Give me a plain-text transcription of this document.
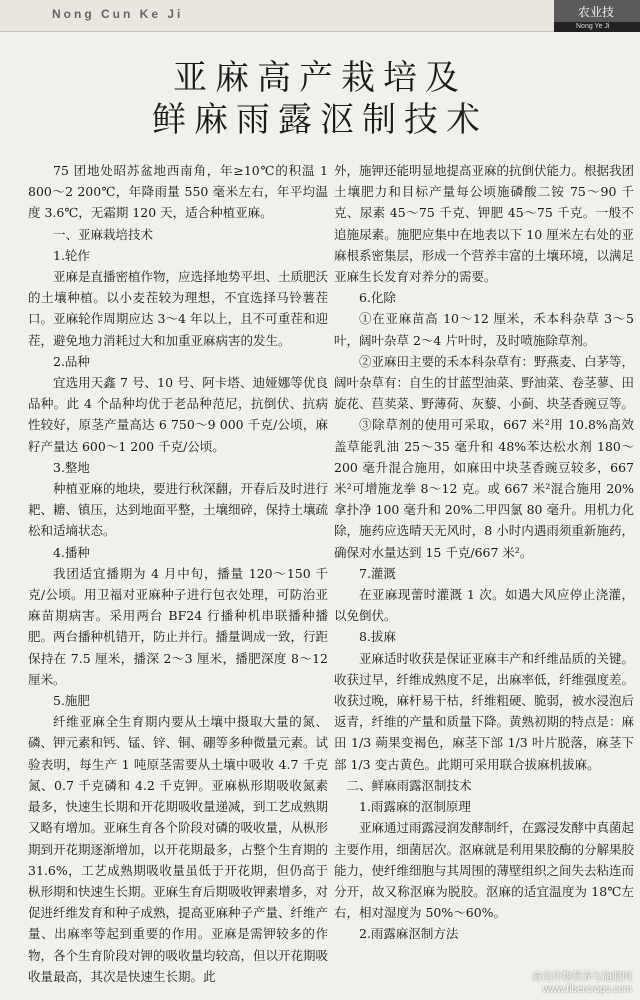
Nong Cun Ke Ji	农业技
Nong Ye Ji
亚麻高产栽培及
鲜麻雨露沤制技术

75 团地处昭苏盆地西南角，年≥10℃的积温 1 800～2 200℃，年降雨量 550 毫米左右，年平均温度 3.6℃，无霜期 120 天，适合种植亚麻。

一、亚麻栽培技术

1.轮作

亚麻是直播密植作物，应选择地势平坦、土质肥沃的土壤种植。以小麦茬较为理想，不宜选择马铃薯茬口。亚麻轮作周期应达 3～4 年以上，且不可重茬和迎茬，避免地力消耗过大和加重亚麻病害的发生。

2.品种

宜选用天鑫 7 号、10 号、阿卡塔、迪娅娜等优良品种。此 4 个品种均优于老品种范尼，抗倒伏、抗病性较好，原茎产量高达 6 750～9 000 千克/公顷，麻籽产量达 600～1 200 千克/公顷。

3.整地

种植亚麻的地块，要进行秋深翻，开春后及时进行耙、耱、镇压，达到地面平整，土壤细碎，保持土壤疏松和适墒状态。

4.播种

我团适宜播期为 4 月中旬，播量 120～150 千克/公顷。用卫福对亚麻种子进行包衣处理，可防治亚麻苗期病害。采用两台 BF24 行播种机串联播种播肥。两台播种机错开，防止并行。播量调成一致，行距保持在 7.5 厘米，播深 2～3 厘米，播肥深度 8～12 厘米。

5.施肥

纤维亚麻全生育期内要从土壤中摄取大量的氮、磷、钾元素和钙、锰、锌、铜、硼等多种微量元素。试验表明，每生产 1 吨原茎需要从土壤中吸收 4.7 千克氮、0.7 千克磷和 4.2 千克钾。亚麻枞形期吸收氮素最多，快速生长期和开花期吸收量递减，到工艺成熟期又略有增加。亚麻生育各个阶段对磷的吸收量，从枞形期到开花期逐渐增加，以开花期最多，占整个生育期的 31.6%，工艺成熟期吸收量虽低于开花期，但仍高于枞形期和快速生长期。亚麻生育后期吸收钾素增多，对促进纤维发育和种子成熟，提高亚麻种子产量、纤维产量、出麻率等起到重要的作用。亚麻是需钾较多的作物，各个生育阶段对钾的吸收量均较高，但以开花期吸收量最高，其次是快速生长期。此

外，施钾还能明显地提高亚麻的抗倒伏能力。根据我团土壤肥力和目标产量每公顷施磷酸二铵 75～90 千克、尿素 45～75 千克、钾肥 45～75 千克。一般不追施尿素。施肥应集中在地表以下 10 厘米左右处的亚麻根系密集层，形成一个营养丰富的土壤环境，以满足亚麻生长发育对养分的需要。

6.化除

①在亚麻苗高 10～12 厘米，禾本科杂草 3～5 叶，阔叶杂草 2～4 片叶时，及时喷施除草剂。

②亚麻田主要的禾本科杂草有：野燕麦、白茅等，阔叶杂草有：自生的甘蓝型油菜、野油菜、卷茎蓼、田旋花、苣荬菜、野薄荷、灰藜、小蓟、块茎香豌豆等。

③除草剂的使用可采取，667 米²用 10.8%高效盖草能乳油 25～35 毫升和 48%苯达松水剂 180～200 毫升混合施用，如麻田中块茎香豌豆较多，667 米²可增施龙拳 8～12 克。或 667 米²混合施用 20%拿扑净 100 毫升和 20%二甲四氯 80 毫升。用机力化除，施药应选晴天无风时，8 小时内遇雨须重新施药，确保对水量达到 15 千克/667 米²。

7.灌溉

在亚麻现蕾时灌溉 1 次。如遇大风应停止浇灌，以免倒伏。

8.拔麻

亚麻适时收获是保证亚麻丰产和纤维品质的关键。收获过早，纤维成熟度不足，出麻率低，纤维强度差。收获过晚，麻杆易干枯，纤维粗硬、脆弱，被水浸泡后返青，纤维的产量和质量下降。黄熟初期的特点是：麻田 1/3 蒴果变褐色，麻茎下部 1/3 叶片脱落，麻茎下部 1/3 变古黄色。此期可采用联合拔麻机拔麻。

二、鲜麻雨露沤制技术

1.雨露麻的沤制原理

亚麻通过雨露浸润发酵制纤，在露浸发酵中真菌起主要作用，细菌居次。沤麻就是利用果胶酶的分解果胶能力，使纤维细胞与其周围的薄壁组织之间失去粘连而分开，故又称沤麻为脱胶。沤麻的适宜温度为 18℃左右，相对湿度为 50%～60%。

2.雨露麻沤制方法

麻类作物营养与施肥网
www.fibercrops.com
